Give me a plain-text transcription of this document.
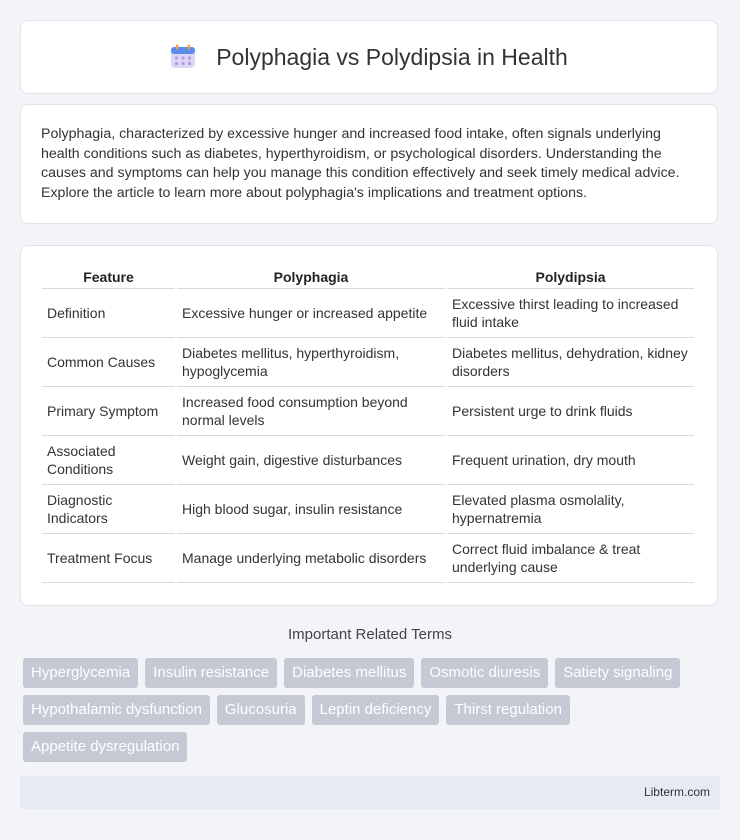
Polyphagia vs Polydipsia in Health

Polyphagia, characterized by excessive hunger and increased food intake, often signals underlying health conditions such as diabetes, hyperthyroidism, or psychological disorders. Understanding the causes and symptoms can help you manage this condition effectively and seek timely medical advice. Explore the article to learn more about polyphagia's implications and treatment options.

Feature	Polyphagia	Polydipsia
Definition	Excessive hunger or increased appetite	Excessive thirst leading to increased fluid intake
Common Causes	Diabetes mellitus, hyperthyroidism, hypoglycemia	Diabetes mellitus, dehydration, kidney disorders
Primary Symptom	Increased food consumption beyond normal levels	Persistent urge to drink fluids
Associated Conditions	Weight gain, digestive disturbances	Frequent urination, dry mouth
Diagnostic Indicators	High blood sugar, insulin resistance	Elevated plasma osmolality, hypernatremia
Treatment Focus	Manage underlying metabolic disorders	Correct fluid imbalance & treat underlying cause
Important Related Terms
Hyperglycemia	Insulin resistance	Diabetes mellitus	Osmotic diuresis	Satiety signaling
Hypothalamic dysfunction	Glucosuria	Leptin deficiency	Thirst regulation
Appetite dysregulation
Libterm.com
